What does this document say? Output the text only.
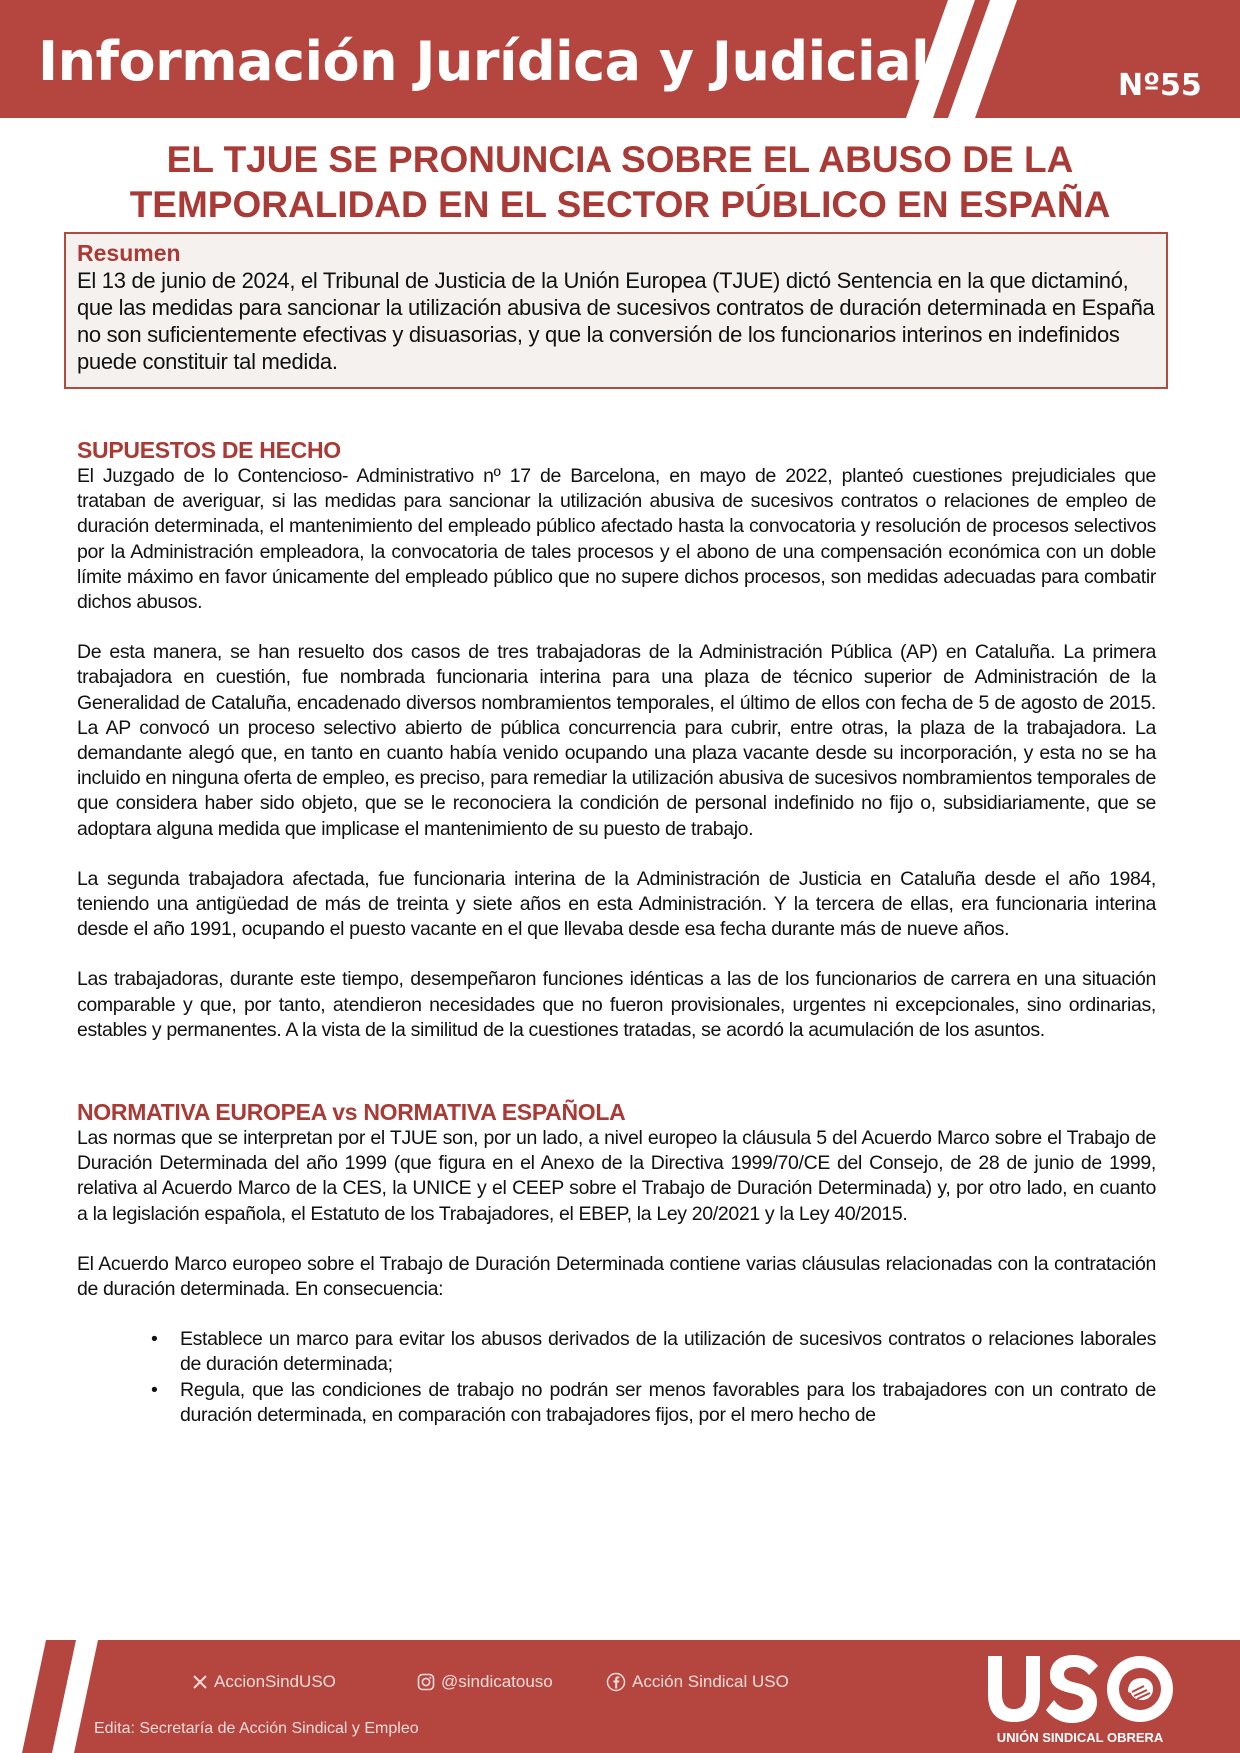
Información Jurídica y Judicial	Nº55
EL TJUE SE PRONUNCIA SOBRE EL ABUSO DE LA
TEMPORALIDAD EN EL SECTOR PÚBLICO EN ESPAÑA
Resumen
El 13 de junio de 2024, el Tribunal de Justicia de la Unión Europea (TJUE) dictó Sentencia en la que dictaminó, que las medidas para sancionar la utilización abusiva de sucesivos contratos de duración determinada en España no son suficientemente efectivas y disuasorias, y que la conversión de los funcionarios interinos en indefinidos puede constituir tal medida.
SUPUESTOS DE HECHO

El Juzgado de lo Contencioso- Administrativo nº 17 de Barcelona, en mayo de 2022, planteó cuestiones prejudiciales que trataban de averiguar, si las medidas para sancionar la utilización abusiva de sucesivos contratos o relaciones de empleo de duración determinada, el mantenimiento del empleado público afectado hasta la convocatoria y resolución de procesos selectivos por la Administración empleadora, la convocatoria de tales procesos y el abono de una compensación económica con un doble límite máximo en favor únicamente del empleado público que no supere dichos procesos, son medidas adecuadas para combatir dichos abusos.

De esta manera, se han resuelto dos casos de tres trabajadoras de la Administración Pública (AP) en Cataluña. La primera trabajadora en cuestión, fue nombrada funcionaria interina para una plaza de técnico superior de Administración de la Generalidad de Cataluña, encadenado diversos nombramientos temporales, el último de ellos con fecha de 5 de agosto de 2015. La AP convocó un proceso selectivo abierto de pública concurrencia para cubrir, entre otras, la plaza de la trabajadora. La demandante alegó que, en tanto en cuanto había venido ocupando una plaza vacante desde su incorporación, y esta no se ha incluido en ninguna oferta de empleo, es preciso, para remediar la utilización abusiva de sucesivos nombramientos temporales de que considera haber sido objeto, que se le reconociera la condición de personal indefinido no fijo o, subsidiariamente, que se adoptara alguna medida que implicase el mantenimiento de su puesto de trabajo.

La segunda trabajadora afectada, fue funcionaria interina de la Administración de Justicia en Cataluña desde el año 1984, teniendo una antigüedad de más de treinta y siete años en esta Administración. Y la tercera de ellas, era funcionaria interina desde el año 1991, ocupando el puesto vacante en el que llevaba desde esa fecha durante más de nueve años.

Las trabajadoras, durante este tiempo, desempeñaron funciones idénticas a las de los funcionarios de carrera en una situación comparable y que, por tanto, atendieron necesidades que no fueron provisionales, urgentes ni excepcionales, sino ordinarias, estables y permanentes. A la vista de la similitud de la cuestiones tratadas, se acordó la acumulación de los asuntos.

NORMATIVA EUROPEA vs NORMATIVA ESPAÑOLA

Las normas que se interpretan por el TJUE son, por un lado, a nivel europeo la cláusula 5 del Acuerdo Marco sobre el Trabajo de Duración Determinada del año 1999 (que figura en el Anexo de la Directiva 1999/70/CE del Consejo, de 28 de junio de 1999, relativa al Acuerdo Marco de la CES, la UNICE y el CEEP sobre el Trabajo de Duración Determinada) y, por otro lado, en cuanto a la legislación española, el Estatuto de los Trabajadores, el EBEP, la Ley 20/2021 y la Ley 40/2015.

El Acuerdo Marco europeo sobre el Trabajo de Duración Determinada contiene varias cláusulas relacionadas con la contratación de duración determinada. En consecuencia:

• Establece un marco para evitar los abusos derivados de la utilización de sucesivos contratos o relaciones laborales de duración determinada;
• Regula, que las condiciones de trabajo no podrán ser menos favorables para los trabajadores con un contrato de duración determinada, en comparación con trabajadores fijos, por el mero hecho de
AccionSindUSO	@sindicatouso	Acción Sindical USO
Edita: Secretaría de Acción Sindical y Empleo
UNIÓN SINDICAL OBRERA
